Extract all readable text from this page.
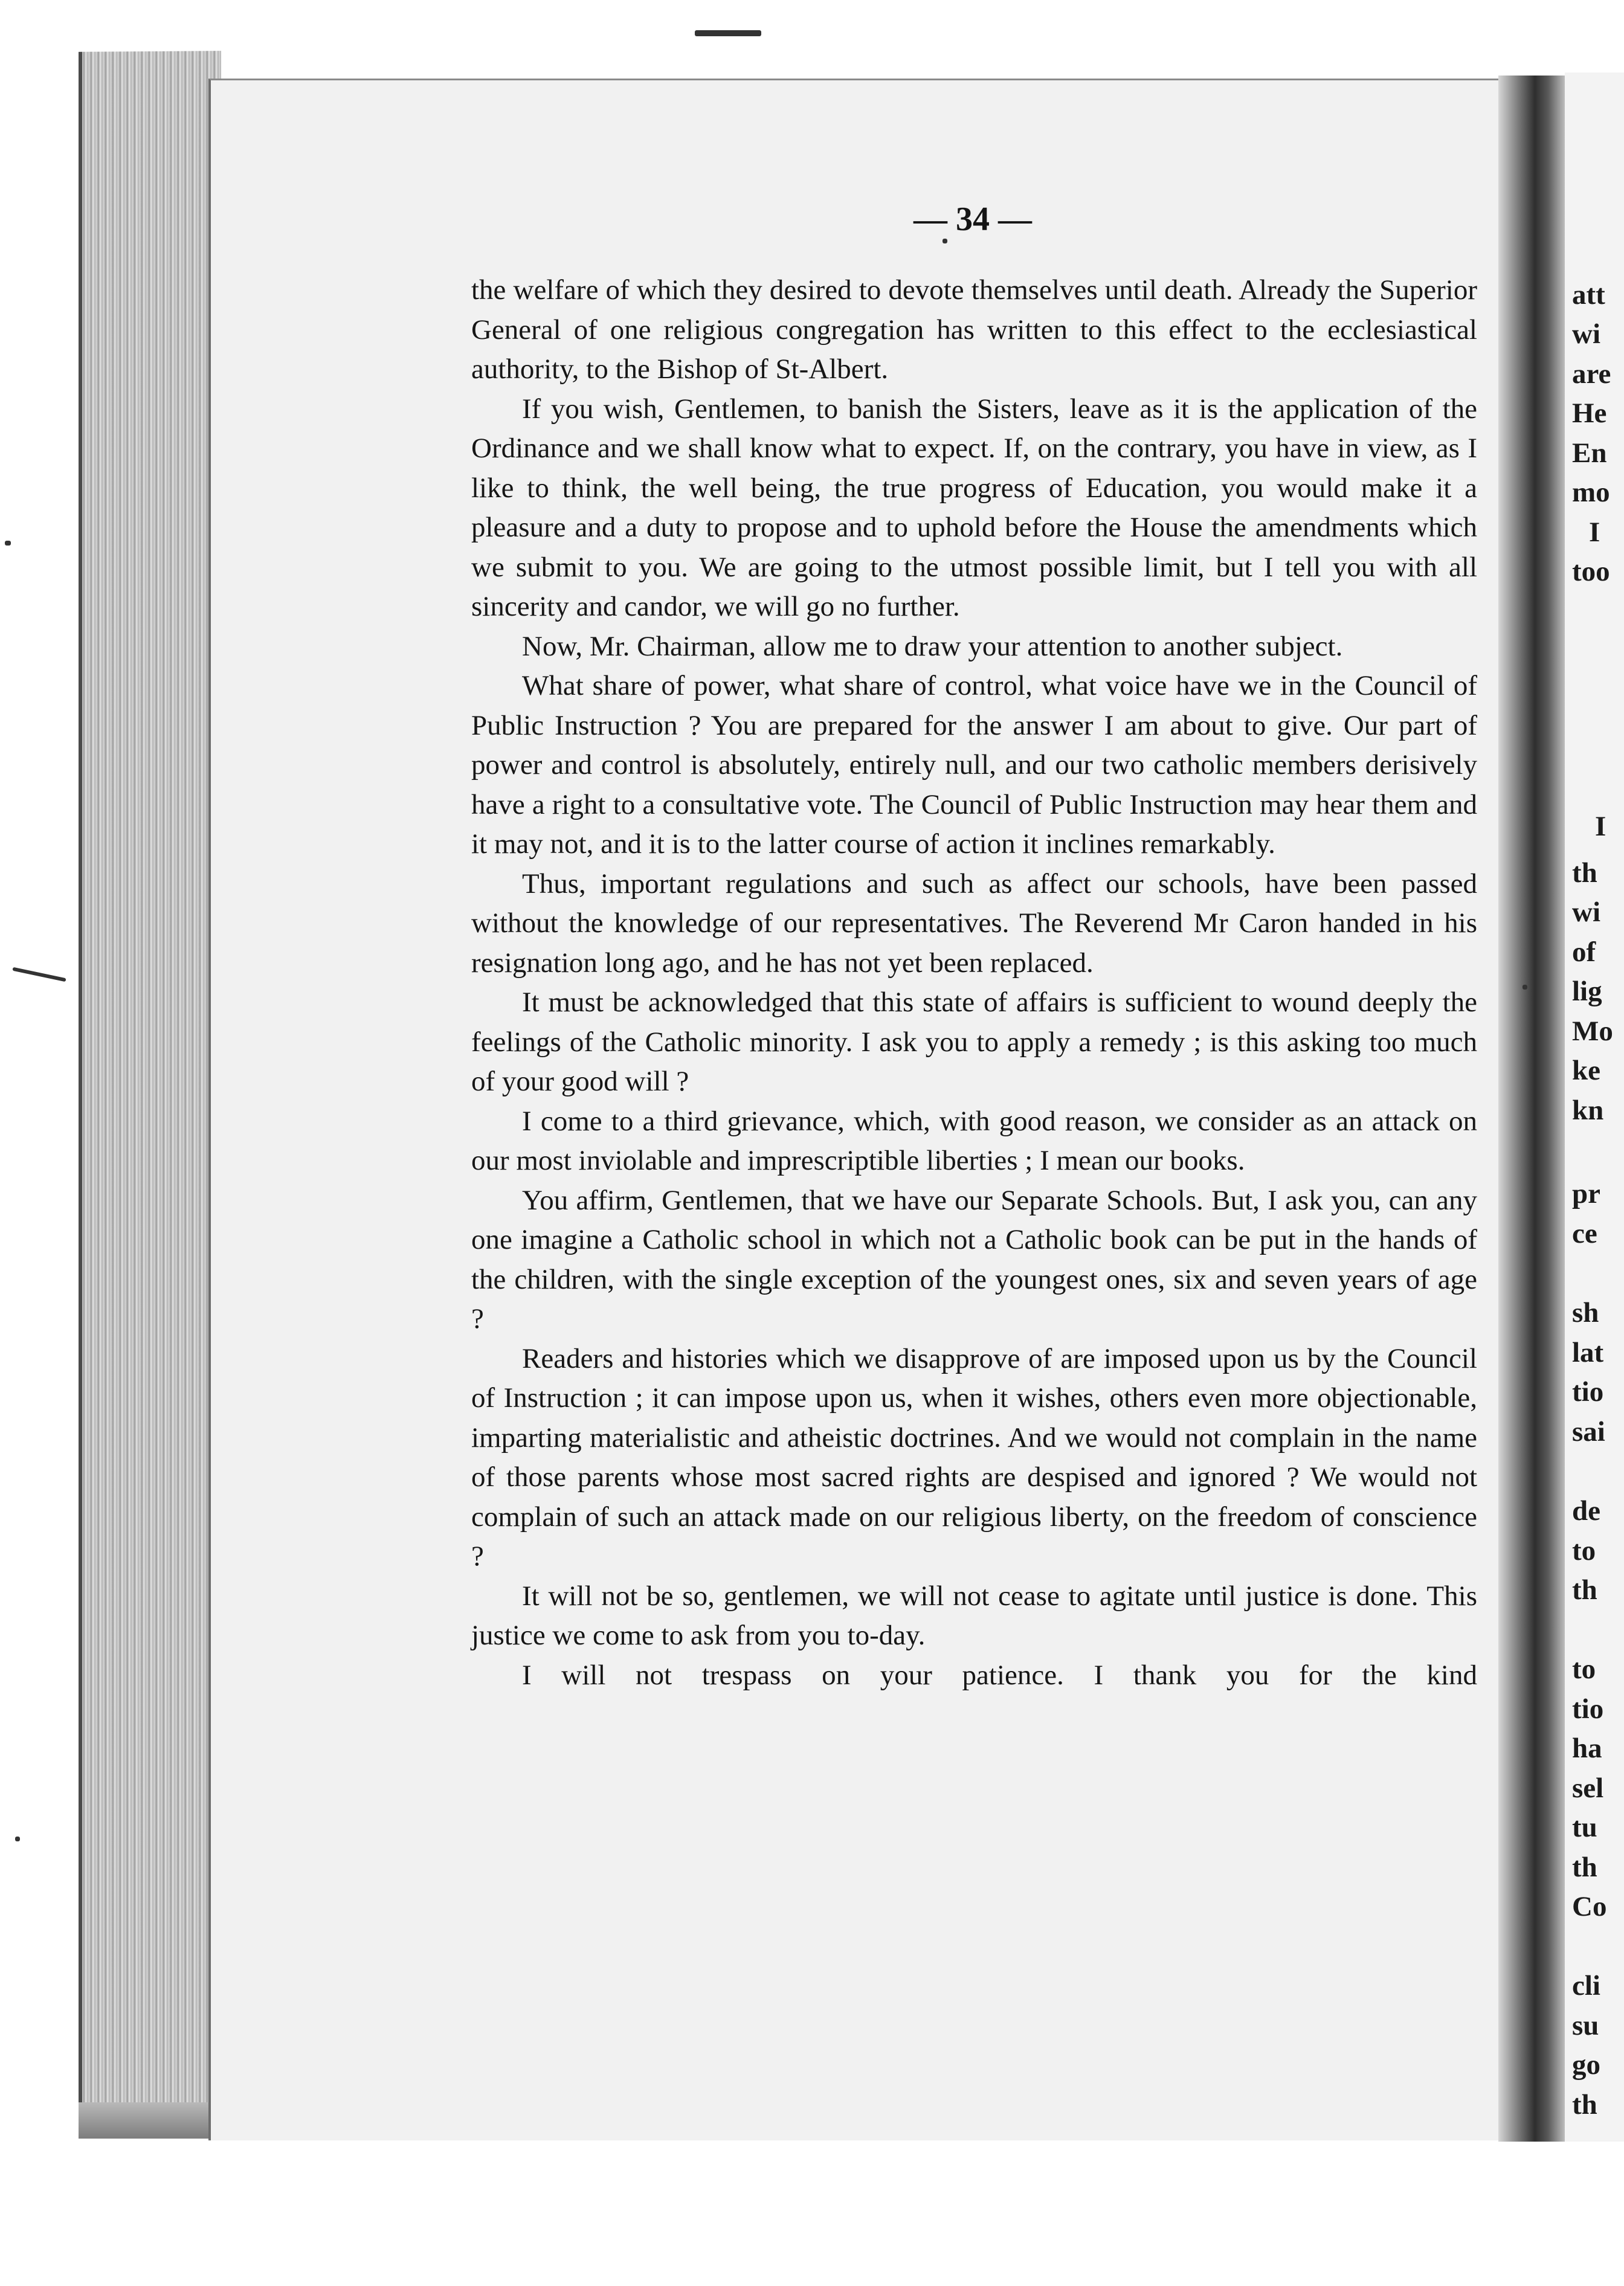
att
wi
are
He
En
mo
I
too
I
th
wi
of
lig
Mo
ke
kn
pr
ce
sh
lat
tio
sai
de
to
th
to
tio
ha
sel
tu
th
Co
cli
su
go
th
— 34 —

the welfare of which they desired to devote themselves until death. Already the Superior General of one religious congregation has written to this effect to the ecclesiastical authority, to the Bishop of St-Albert.

If you wish, Gentlemen, to banish the Sisters, leave as it is the application of the Ordinance and we shall know what to expect. If, on the contrary, you have in view, as I like to think, the well being, the true progress of Education, you would make it a pleasure and a duty to propose and to uphold before the House the amendments which we submit to you. We are going to the utmost possible limit, but I tell you with all sincerity and candor, we will go no further.

Now, Mr. Chairman, allow me to draw your attention to another subject.

What share of power, what share of control, what voice have we in the Council of Public Instruction ? You are prepared for the answer I am about to give. Our part of power and control is absolutely, entirely null, and our two catholic members derisively have a right to a consultative vote. The Council of Public Instruction may hear them and it may not, and it is to the latter course of action it inclines remarkably.

Thus, important regulations and such as affect our schools, have been passed without the knowledge of our representatives. The Reverend Mr Caron handed in his resignation long ago, and he has not yet been replaced.

It must be acknowledged that this state of affairs is sufficient to wound deeply the feelings of the Catholic minority. I ask you to apply a remedy ; is this asking too much of your good will ?

I come to a third grievance, which, with good reason, we consider as an attack on our most inviolable and imprescriptible liberties ; I mean our books.

You affirm, Gentlemen, that we have our Separate Schools. But, I ask you, can any one imagine a Catholic school in which not a Catholic book can be put in the hands of the children, with the single exception of the youngest ones, six and seven years of age ?

Readers and histories which we disapprove of are imposed upon us by the Council of Instruction ; it can impose upon us, when it wishes, others even more objectionable, imparting materialistic and atheistic doctrines. And we would not complain in the name of those parents whose most sacred rights are despised and ignored ? We would not complain of such an attack made on our religious liberty, on the freedom of conscience ?

It will not be so, gentlemen, we will not cease to agitate until justice is done. This justice we come to ask from you to-day.

I will not trespass on your patience. I thank you for the kind
